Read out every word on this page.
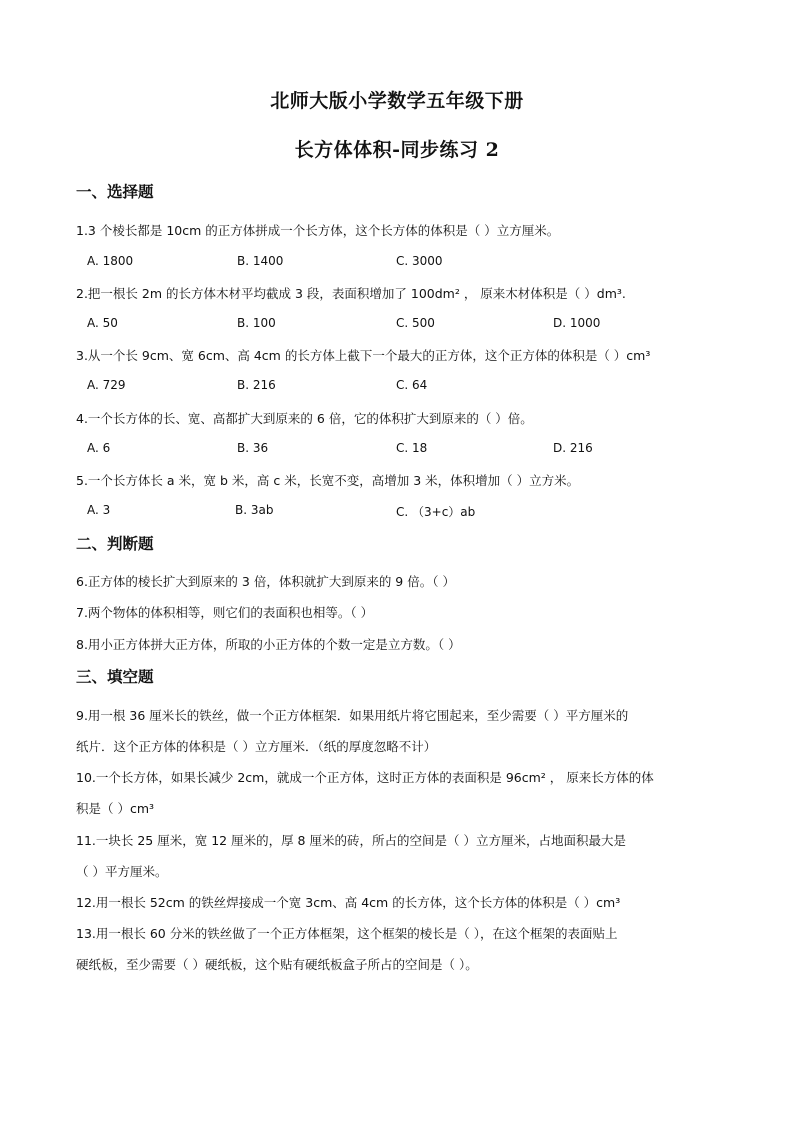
北师大版小学数学五年级下册
长方体体积-同步练习 2
一、选择题
1.3 个棱长都是 10cm 的正方体拼成一个长方体，这个长方体的体积是（ ）立方厘米。
A. 1800	B. 1400	C. 3000
2.把一根长 2m 的长方体木材平均截成 3 段，表面积增加了 100dm² ， 原来木材体积是（ ）dm³.
A. 50	B. 100	C. 500	D. 1000
3.从一个长 9cm、宽 6cm、高 4cm 的长方体上截下一个最大的正方体，这个正方体的体积是（ ）cm³
A. 729	B. 216	C. 64
4.一个长方体的长、宽、高都扩大到原来的 6 倍，它的体积扩大到原来的（ ）倍。
A. 6	B. 36	C. 18	D. 216
5.一个长方体长 a 米，宽 b 米，高 c 米，长宽不变，高增加 3 米，体积增加（ ）立方米。
A. 3	B. 3ab	C. （3+c）ab
二、判断题
6.正方体的棱长扩大到原来的 3 倍，体积就扩大到原来的 9 倍。（ ）
7.两个物体的体积相等，则它们的表面积也相等。（ ）
8.用小正方体拼大正方体，所取的小正方体的个数一定是立方数。（ ）
三、填空题
9.用一根 36 厘米长的铁丝，做一个正方体框架．如果用纸片将它围起来，至少需要（ ）平方厘米的
纸片．这个正方体的体积是（ ）立方厘米．（纸的厚度忽略不计）
10.一个长方体，如果长减少 2cm，就成一个正方体，这时正方体的表面积是 96cm² ， 原来长方体的体
积是（ ）cm³
11.一块长 25 厘米，宽 12 厘米的，厚 8 厘米的砖，所占的空间是（ ）立方厘米，占地面积最大是
（ ）平方厘米。
12.用一根长 52cm 的铁丝焊接成一个宽 3cm、高 4cm 的长方体，这个长方体的体积是（ ）cm³
13.用一根长 60 分米的铁丝做了一个正方体框架，这个框架的棱长是（ ），在这个框架的表面贴上
硬纸板，至少需要（ ）硬纸板，这个贴有硬纸板盒子所占的空间是（ ）。
